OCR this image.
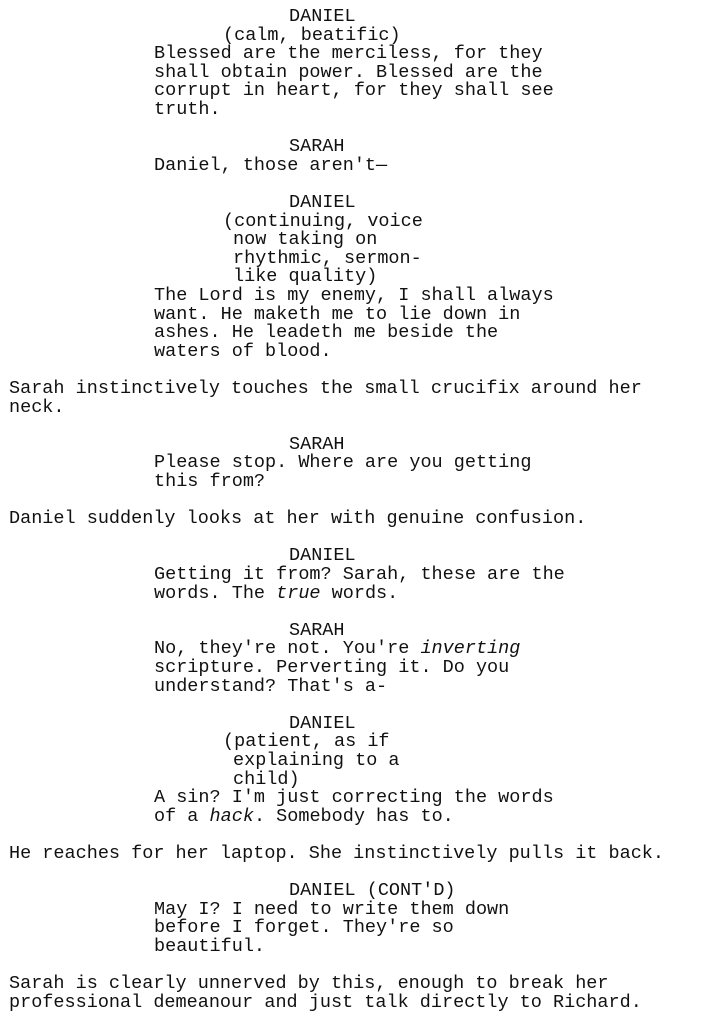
DANIEL
(calm, beatific)
Blessed are the merciless, for they
shall obtain power. Blessed are the
corrupt in heart, for they shall see
truth.
SARAH
Daniel, those aren't—
DANIEL
(continuing, voice
now taking on
rhythmic, sermon-
like quality)
The Lord is my enemy, I shall always
want. He maketh me to lie down in
ashes. He leadeth me beside the
waters of blood.
Sarah instinctively touches the small crucifix around her
neck.
SARAH
Please stop. Where are you getting
this from?
Daniel suddenly looks at her with genuine confusion.
DANIEL
Getting it from? Sarah, these are the
words. The true words.
SARAH
No, they're not. You're inverting
scripture. Perverting it. Do you
understand? That's a-
DANIEL
(patient, as if
explaining to a
child)
A sin? I'm just correcting the words
of a hack. Somebody has to.
He reaches for her laptop. She instinctively pulls it back.
DANIEL (CONT'D)
May I? I need to write them down
before I forget. They're so
beautiful.
Sarah is clearly unnerved by this, enough to break her
professional demeanour and just talk directly to Richard.
